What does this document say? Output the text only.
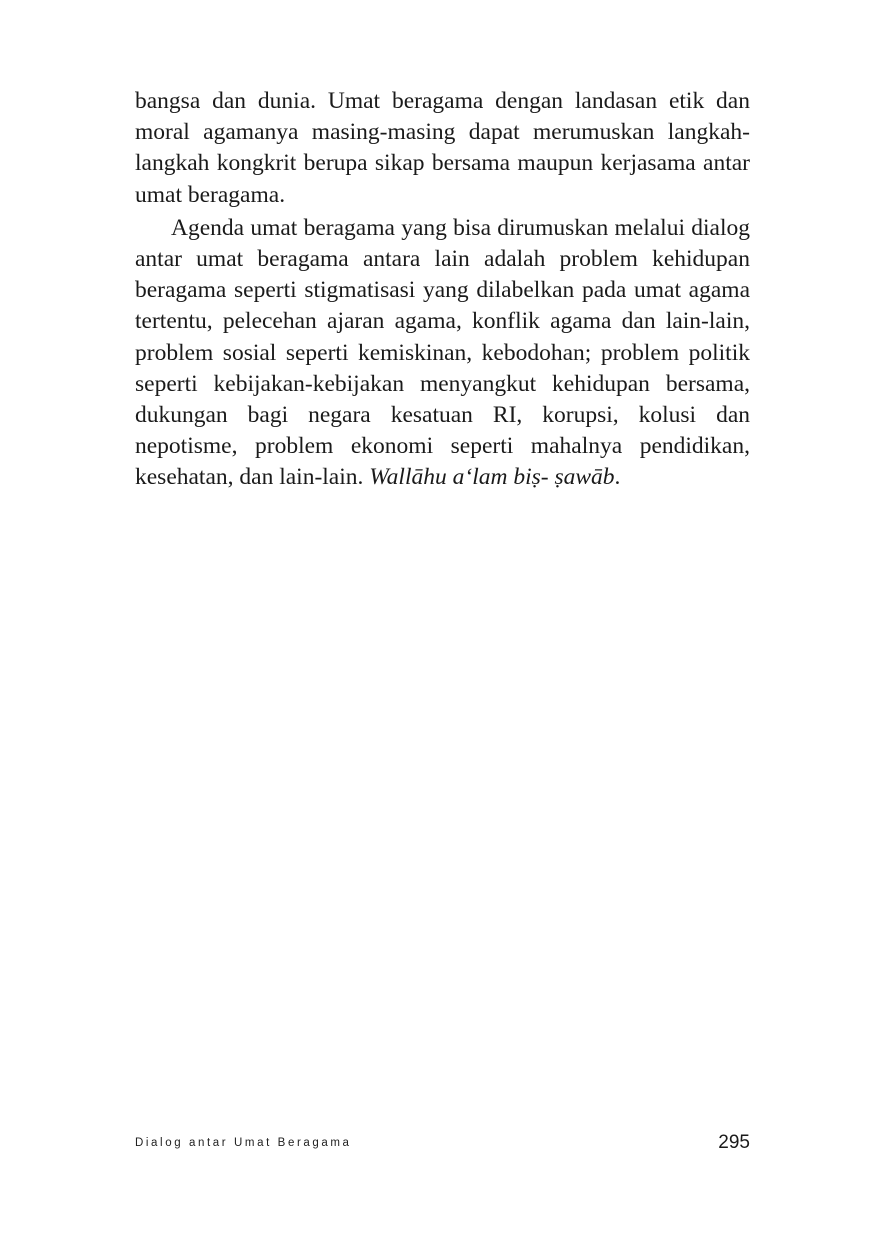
bangsa dan dunia. Umat beragama dengan landasan etik dan moral agamanya masing-masing dapat merumuskan langkah-langkah kongkrit berupa sikap bersama maupun kerjasama antar umat beragama.

Agenda umat beragama yang bisa dirumuskan melalui dialog antar umat beragama antara lain adalah problem kehidupan beragama seperti stigmatisasi yang dilabelkan pada umat agama tertentu, pelecehan ajaran agama, konflik agama dan lain-lain, problem sosial seperti kemiskinan, kebodohan; problem politik seperti kebijakan-kebijakan menyangkut kehidupan bersama, dukungan bagi negara kesatuan RI, korupsi, kolusi dan nepotisme, problem ekonomi seperti mahalnya pendidikan, kesehatan, dan lain-lain. Wallāhu a‘lam biṣ- ṣawāb.

Dialog antar Umat Beragama	295
